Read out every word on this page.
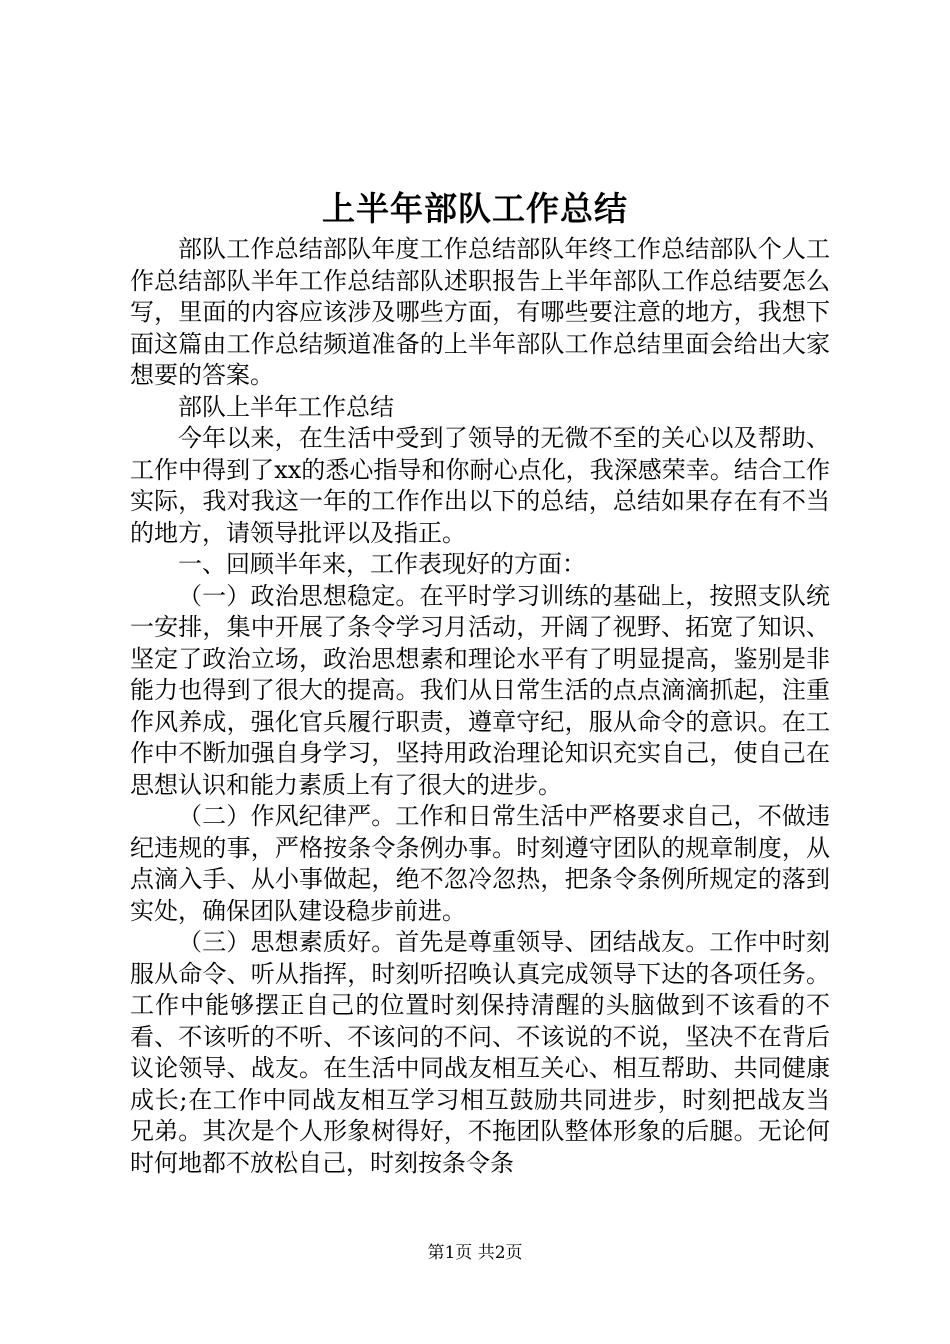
上半年部队工作总结

部队工作总结部队年度工作总结部队年终工作总结部队个人工作总结部队半年工作总结部队述职报告上半年部队工作总结要怎么写，里面的内容应该涉及哪些方面，有哪些要注意的地方，我想下面这篇由工作总结频道准备的上半年部队工作总结里面会给出大家想要的答案。

部队上半年工作总结

今年以来，在生活中受到了领导的无微不至的关心以及帮助、工作中得到了xx的悉心指导和你耐心点化，我深感荣幸。结合工作实际，我对我这一年的工作作出以下的总结，总结如果存在有不当的地方，请领导批评以及指正。

一、回顾半年来，工作表现好的方面：

（一）政治思想稳定。在平时学习训练的基础上，按照支队统一安排，集中开展了条令学习月活动，开阔了视野、拓宽了知识、坚定了政治立场，政治思想素和理论水平有了明显提高，鉴别是非能力也得到了很大的提高。我们从日常生活的点点滴滴抓起，注重作风养成，强化官兵履行职责，遵章守纪，服从命令的意识。在工作中不断加强自身学习，坚持用政治理论知识充实自己，使自己在思想认识和能力素质上有了很大的进步。

（二）作风纪律严。工作和日常生活中严格要求自己，不做违纪违规的事，严格按条令条例办事。时刻遵守团队的规章制度，从点滴入手、从小事做起，绝不忽冷忽热，把条令条例所规定的落到实处，确保团队建设稳步前进。

（三）思想素质好。首先是尊重领导、团结战友。工作中时刻服从命令、听从指挥，时刻听招唤认真完成领导下达的各项任务。工作中能够摆正自己的位置时刻保持清醒的头脑做到不该看的不看、不该听的不听、不该问的不问、不该说的不说，坚决不在背后议论领导、战友。在生活中同战友相互关心、相互帮助、共同健康成长;在工作中同战友相互学习相互鼓励共同进步，时刻把战友当兄弟。其次是个人形象树得好，不拖团队整体形象的后腿。无论何时何地都不放松自己，时刻按条令条

第1页 共2页
